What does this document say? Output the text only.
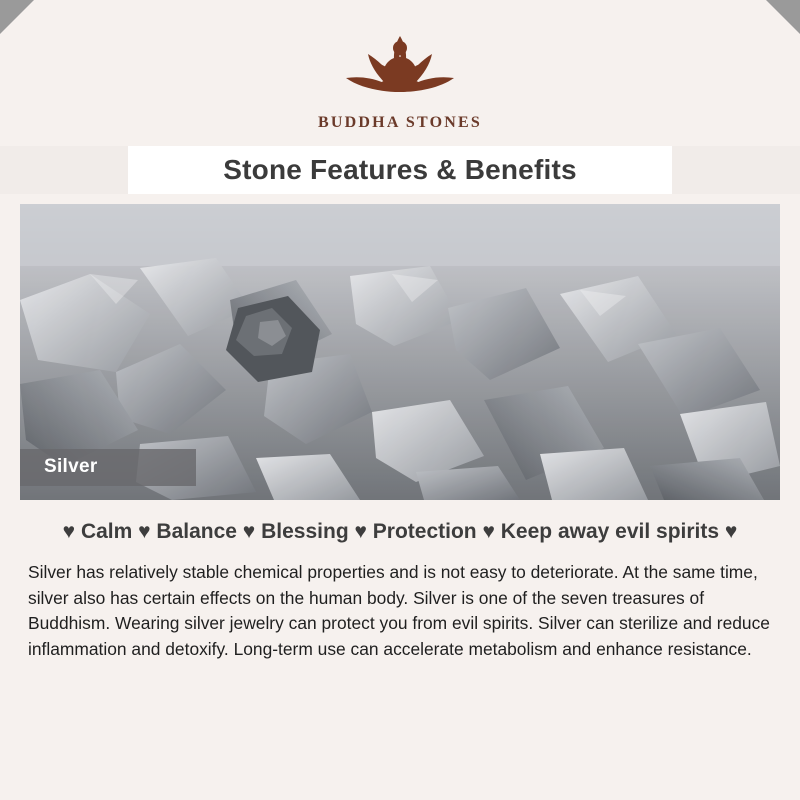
BUDDHA STONES
Stone Features & Benefits
Silver
♥ Calm ♥ Balance ♥ Blessing ♥ Protection ♥ Keep away evil spirits ♥

Silver has relatively stable chemical properties and is not easy to deteriorate. At the same time, silver also has certain effects on the human body. Silver is one of the seven treasures of Buddhism. Wearing silver jewelry can protect you from evil spirits. Silver can sterilize and reduce inflammation and detoxify. Long-term use can accelerate metabolism and enhance resistance.
